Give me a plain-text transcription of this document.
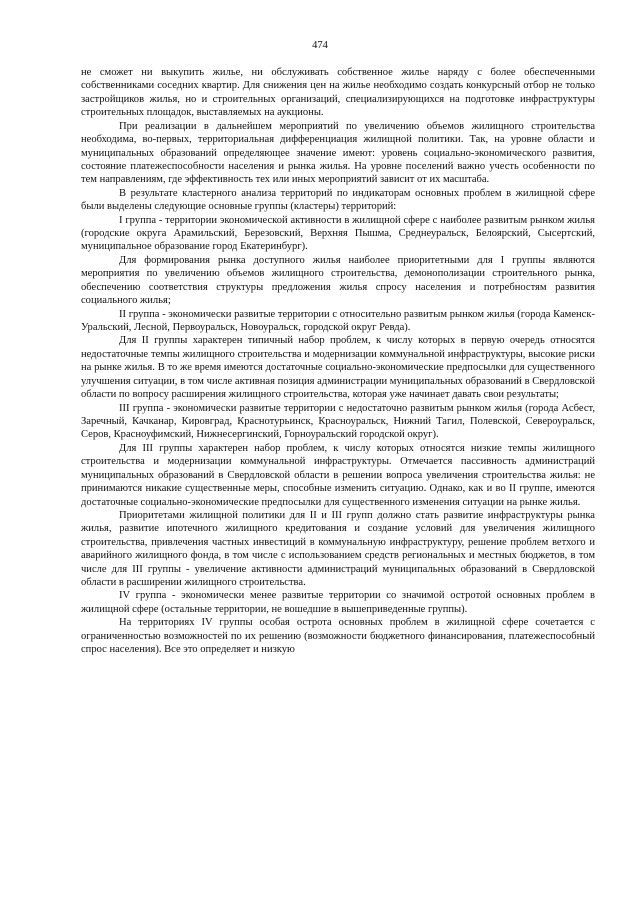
474

не сможет ни выкупить жилье, ни обслуживать собственное жилье наряду с более обеспеченными собственниками соседних квартир. Для снижения цен на жилье необходимо создать конкурсный отбор не только застройщиков жилья, но и строительных организаций, специализирующихся на подготовке инфраструктуры строительных площадок, выставляемых на аукционы.

При реализации в дальнейшем мероприятий по увеличению объемов жилищного строительства необходима, во-первых, территориальная дифференциация жилищной политики. Так, на уровне области и муниципальных образований определяющее значение имеют: уровень социально-экономического развития, состояние платежеспособности населения и рынка жилья. На уровне поселений важно учесть особенности по тем направлениям, где эффективность тех или иных мероприятий зависит от их масштаба.

В результате кластерного анализа территорий по индикаторам основных проблем в жилищной сфере были выделены следующие основные группы (кластеры) территорий:

I группа - территории экономической активности в жилищной сфере с наиболее развитым рынком жилья (городские округа Арамильский, Березовский, Верхняя Пышма, Среднеуральск, Белоярский, Сысертский, муниципальное образование город Екатеринбург).

Для формирования рынка доступного жилья наиболее приоритетными для I группы являются мероприятия по увеличению объемов жилищного строительства, демонополизации строительного рынка, обеспечению соответствия структуры предложения жилья спросу населения и потребностям развития социального жилья;

II группа - экономически развитые территории с относительно развитым рынком жилья (города Каменск-Уральский, Лесной, Первоуральск, Новоуральск, городской округ Ревда).

Для II группы характерен типичный набор проблем, к числу которых в первую очередь относятся недостаточные темпы жилищного строительства и модернизации коммунальной инфраструктуры, высокие риски на рынке жилья. В то же время имеются достаточные социально-экономические предпосылки для существенного улучшения ситуации, в том числе активная позиция администрации муниципальных образований в Свердловской области по вопросу расширения жилищного строительства, которая уже начинает давать свои результаты;

III группа - экономически развитые территории с недостаточно развитым рынком жилья (города Асбест, Заречный, Качканар, Кировград, Краснотурьинск, Красноуральск, Нижний Тагил, Полевской, Североуральск, Серов, Красноуфимский, Нижнесергинский, Горноуральский городской округ).

Для III группы характерен набор проблем, к числу которых относятся низкие темпы жилищного строительства и модернизации коммунальной инфраструктуры. Отмечается пассивность администраций муниципальных образований в Свердловской области в решении вопроса увеличения строительства жилья: не принимаются никакие существенные меры, способные изменить ситуацию. Однако, как и во II группе, имеются достаточные социально-экономические предпосылки для существенного изменения ситуации на рынке жилья.

Приоритетами жилищной политики для II и III групп должно стать развитие инфраструктуры рынка жилья, развитие ипотечного жилищного кредитования и создание условий для увеличения жилищного строительства, привлечения частных инвестиций в коммунальную инфраструктуру, решение проблем ветхого и аварийного жилищного фонда, в том числе с использованием средств региональных и местных бюджетов, в том числе для III группы - увеличение активности администраций муниципальных образований в Свердловской области в расширении жилищного строительства.

IV группа - экономически менее развитые территории со значимой остротой основных проблем в жилищной сфере (остальные территории, не вошедшие в вышеприведенные группы).

На территориях IV группы особая острота основных проблем в жилищной сфере сочетается с ограниченностью возможностей по их решению (возможности бюджетного финансирования, платежеспособный спрос населения). Все это определяет и низкую
